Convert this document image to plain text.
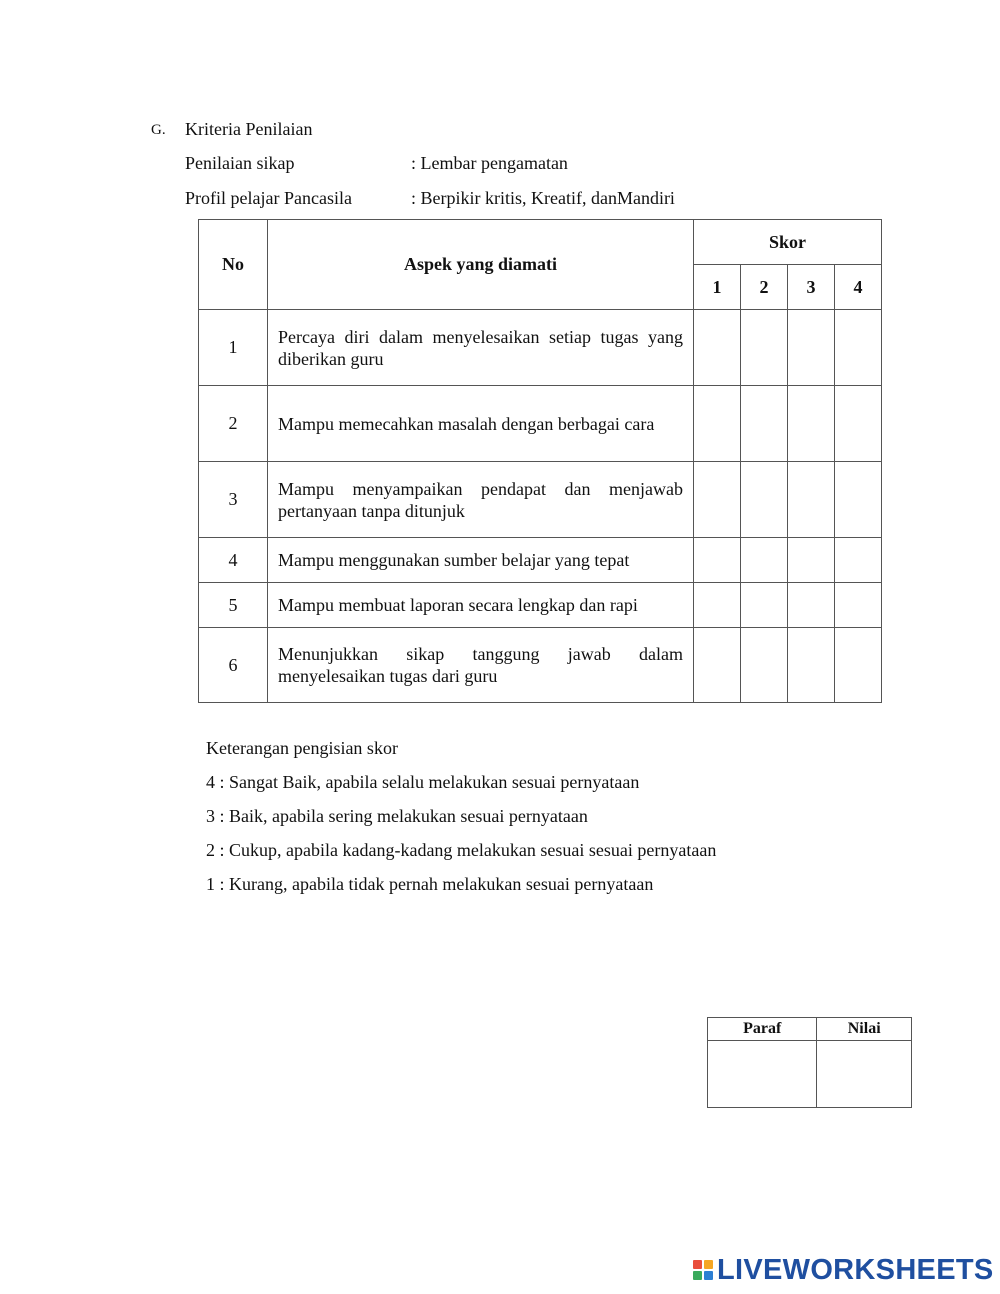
G. Kriteria Penilaian
Penilaian sikap	: Lembar pengamatan
Profil pelajar Pancasila	: Berpikir kritis, Kreatif, danMandiri
No	Aspek yang diamati	Skor			
		1	2	3	4
1	Percaya diri dalam menyelesaikan setiap tugas yang diberikan guru				
2	Mampu memecahkan masalah dengan berbagai cara				
3	Mampu menyampaikan pendapat dan menjawab pertanyaan tanpa ditunjuk				
4	Mampu menggunakan sumber belajar yang tepat				
5	Mampu membuat laporan secara lengkap dan rapi				
6	Menunjukkan sikap tanggung jawab dalam menyelesaikan tugas dari guru				
Keterangan pengisian skor
4 : Sangat Baik, apabila selalu melakukan sesuai pernyataan
3 : Baik, apabila sering melakukan sesuai pernyataan
2 : Cukup, apabila kadang-kadang melakukan sesuai sesuai pernyataan
1 : Kurang, apabila tidak pernah melakukan sesuai pernyataan
Paraf	Nilai

LIVEWORKSHEETS
